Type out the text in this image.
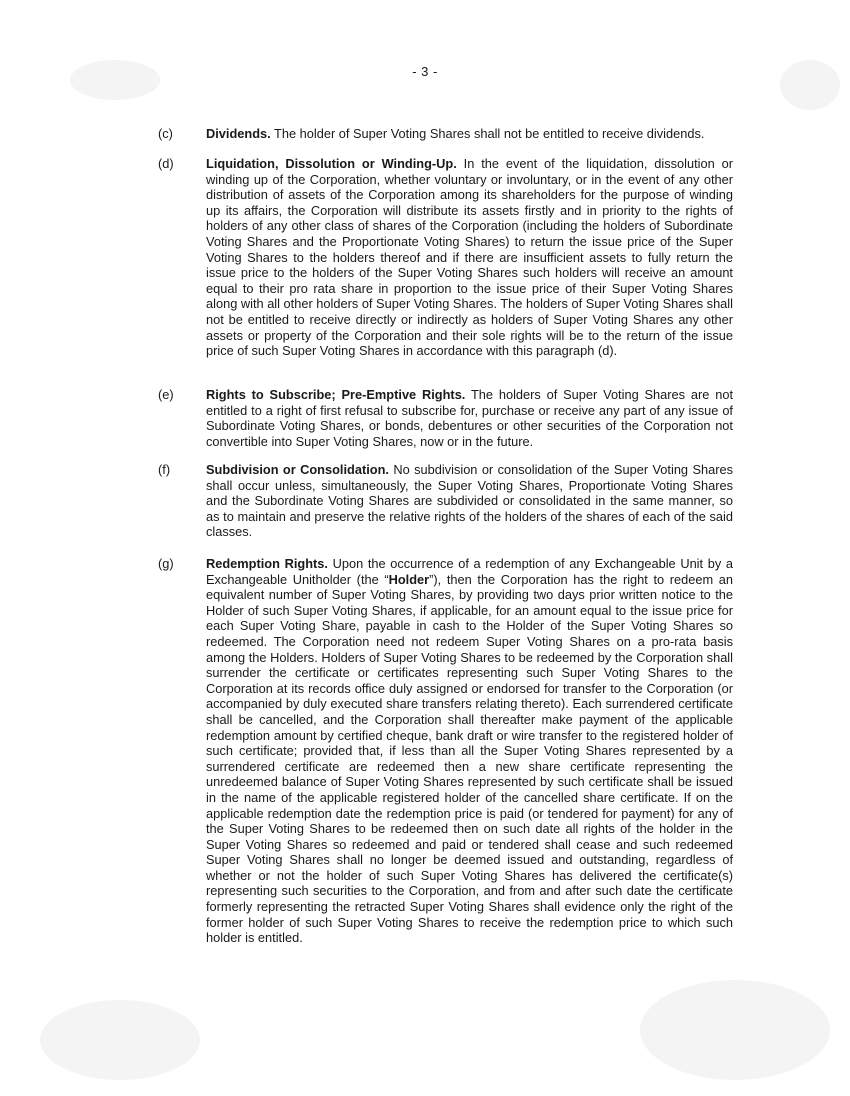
- 3 -
(c)	Dividends. The holder of Super Voting Shares shall not be entitled to receive dividends.
(d)	Liquidation, Dissolution or Winding-Up. In the event of the liquidation, dissolution or winding up of the Corporation, whether voluntary or involuntary, or in the event of any other distribution of assets of the Corporation among its shareholders for the purpose of winding up its affairs, the Corporation will distribute its assets firstly and in priority to the rights of holders of any other class of shares of the Corporation (including the holders of Subordinate Voting Shares and the Proportionate Voting Shares) to return the issue price of the Super Voting Shares to the holders thereof and if there are insufficient assets to fully return the issue price to the holders of the Super Voting Shares such holders will receive an amount equal to their pro rata share in proportion to the issue price of their Super Voting Shares along with all other holders of Super Voting Shares. The holders of Super Voting Shares shall not be entitled to receive directly or indirectly as holders of Super Voting Shares any other assets or property of the Corporation and their sole rights will be to the return of the issue price of such Super Voting Shares in accordance with this paragraph (d).
(e)	Rights to Subscribe; Pre-Emptive Rights. The holders of Super Voting Shares are not entitled to a right of first refusal to subscribe for, purchase or receive any part of any issue of Subordinate Voting Shares, or bonds, debentures or other securities of the Corporation not convertible into Super Voting Shares, now or in the future.
(f)	Subdivision or Consolidation. No subdivision or consolidation of the Super Voting Shares shall occur unless, simultaneously, the Super Voting Shares, Proportionate Voting Shares and the Subordinate Voting Shares are subdivided or consolidated in the same manner, so as to maintain and preserve the relative rights of the holders of the shares of each of the said classes.
(g)	Redemption Rights. Upon the occurrence of a redemption of any Exchangeable Unit by a Exchangeable Unitholder (the “Holder”), then the Corporation has the right to redeem an equivalent number of Super Voting Shares, by providing two days prior written notice to the Holder of such Super Voting Shares, if applicable, for an amount equal to the issue price for each Super Voting Share, payable in cash to the Holder of the Super Voting Shares so redeemed. The Corporation need not redeem Super Voting Shares on a pro-rata basis among the Holders. Holders of Super Voting Shares to be redeemed by the Corporation shall surrender the certificate or certificates representing such Super Voting Shares to the Corporation at its records office duly assigned or endorsed for transfer to the Corporation (or accompanied by duly executed share transfers relating thereto). Each surrendered certificate shall be cancelled, and the Corporation shall thereafter make payment of the applicable redemption amount by certified cheque, bank draft or wire transfer to the registered holder of such certificate; provided that, if less than all the Super Voting Shares represented by a surrendered certificate are redeemed then a new share certificate representing the unredeemed balance of Super Voting Shares represented by such certificate shall be issued in the name of the applicable registered holder of the cancelled share certificate. If on the applicable redemption date the redemption price is paid (or tendered for payment) for any of the Super Voting Shares to be redeemed then on such date all rights of the holder in the Super Voting Shares so redeemed and paid or tendered shall cease and such redeemed Super Voting Shares shall no longer be deemed issued and outstanding, regardless of whether or not the holder of such Super Voting Shares has delivered the certificate(s) representing such securities to the Corporation, and from and after such date the certificate formerly representing the retracted Super Voting Shares shall evidence only the right of the former holder of such Super Voting Shares to receive the redemption price to which such holder is entitled.
